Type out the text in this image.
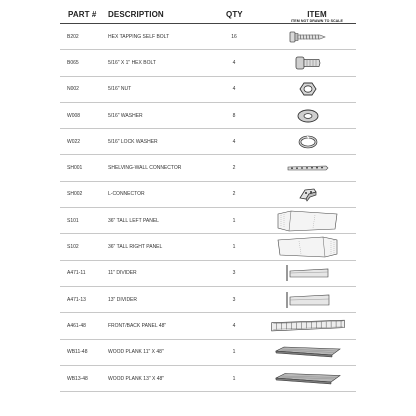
PART # DESCRIPTION	QTY	ITEM
ITEM NOT DRAWN TO SCALE
B202	HEX TAPPING SELF BOLT	16
B065	5/16" X 1" HEX BOLT	4
N002	5/16" NUT	4
W008	5/16" WASHER	8
W022	5/16" LOCK WASHER	4
SH001	SHELVING-WALL CONNECTOR	2
SH002	L-CONNECTOR	2
S101	36" TALL LEFT PANEL	1
S102	36" TALL RIGHT PANEL	1
A471-11	11" DIVIDER	3
A471-13	13" DIVIDER	3
A461-48	FRONT/BACK PANEL 48"	4
WB11-48	WOOD PLANK 11" X 48"	1
WB13-48	WOOD PLANK 13" X 48"	1
